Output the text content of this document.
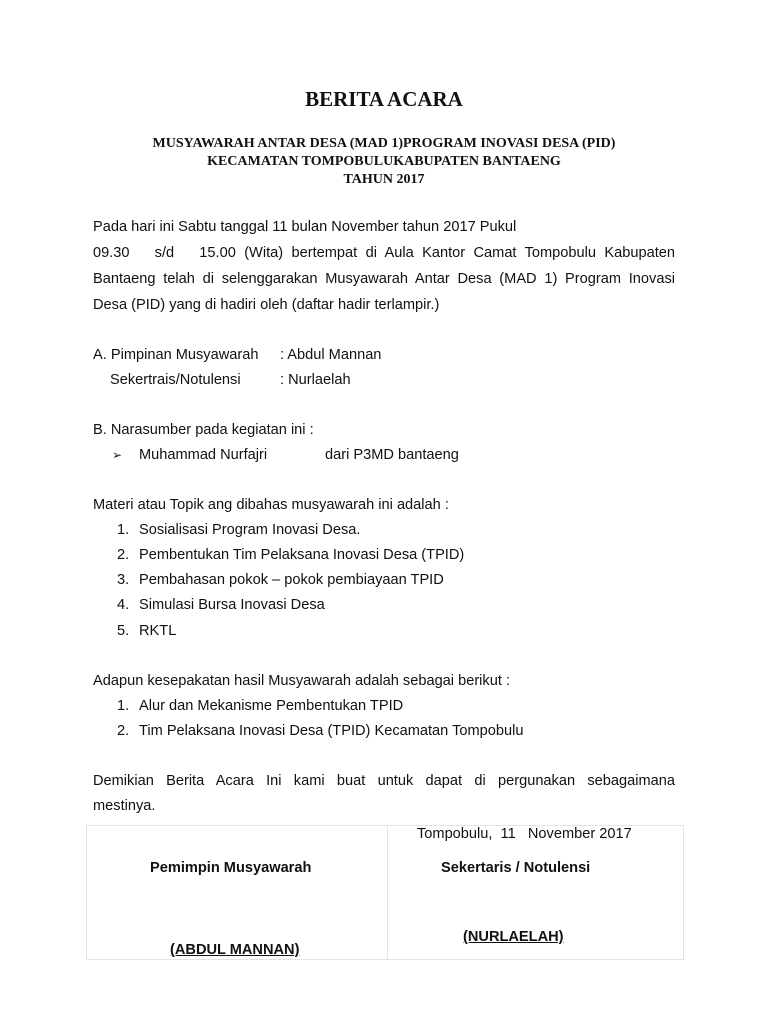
BERITA ACARA
MUSYAWARAH ANTAR DESA (MAD 1)PROGRAM INOVASI DESA (PID)
KECAMATAN TOMPOBULUKABUPATEN BANTAENG
TAHUN 2017
Pada hari ini Sabtu tanggal 11 bulan November tahun 2017 Pukul
09.30   s/d   15.00 (Wita) bertempat di Aula Kantor Camat Tompobulu Kabupaten
Bantaeng telah di selenggarakan Musyawarah Antar Desa (MAD 1) Program Inovasi
Desa (PID) yang di hadiri oleh (daftar hadir terlampir.)
A. Pimpinan Musyawarah : Abdul Mannan
Sekertrais/Notulensi	: Nurlaelah
B. Narasumber pada kegiatan ini :
➢ Muhammad Nurfajri	dari P3MD bantaeng
Materi atau Topik ang dibahas musyawarah ini adalah :
1. Sosialisasi Program Inovasi Desa.
2. Pembentukan Tim Pelaksana Inovasi Desa (TPID)
3. Pembahasan pokok – pokok pembiayaan TPID
4. Simulasi Bursa Inovasi Desa
5. RKTL
Adapun kesepakatan hasil Musyawarah adalah sebagai berikut :
1. Alur dan Mekanisme Pembentukan TPID
2. Tim Pelaksana Inovasi Desa (TPID) Kecamatan Tompobulu
Demikian Berita Acara Ini kami buat untuk dapat di pergunakan sebagaimana
mestinya.
Tompobulu,  11   November 2017
Pemimpin Musyawarah
(ABDUL MANNAN)
Sekertaris / Notulensi
(NURLAELAH)
